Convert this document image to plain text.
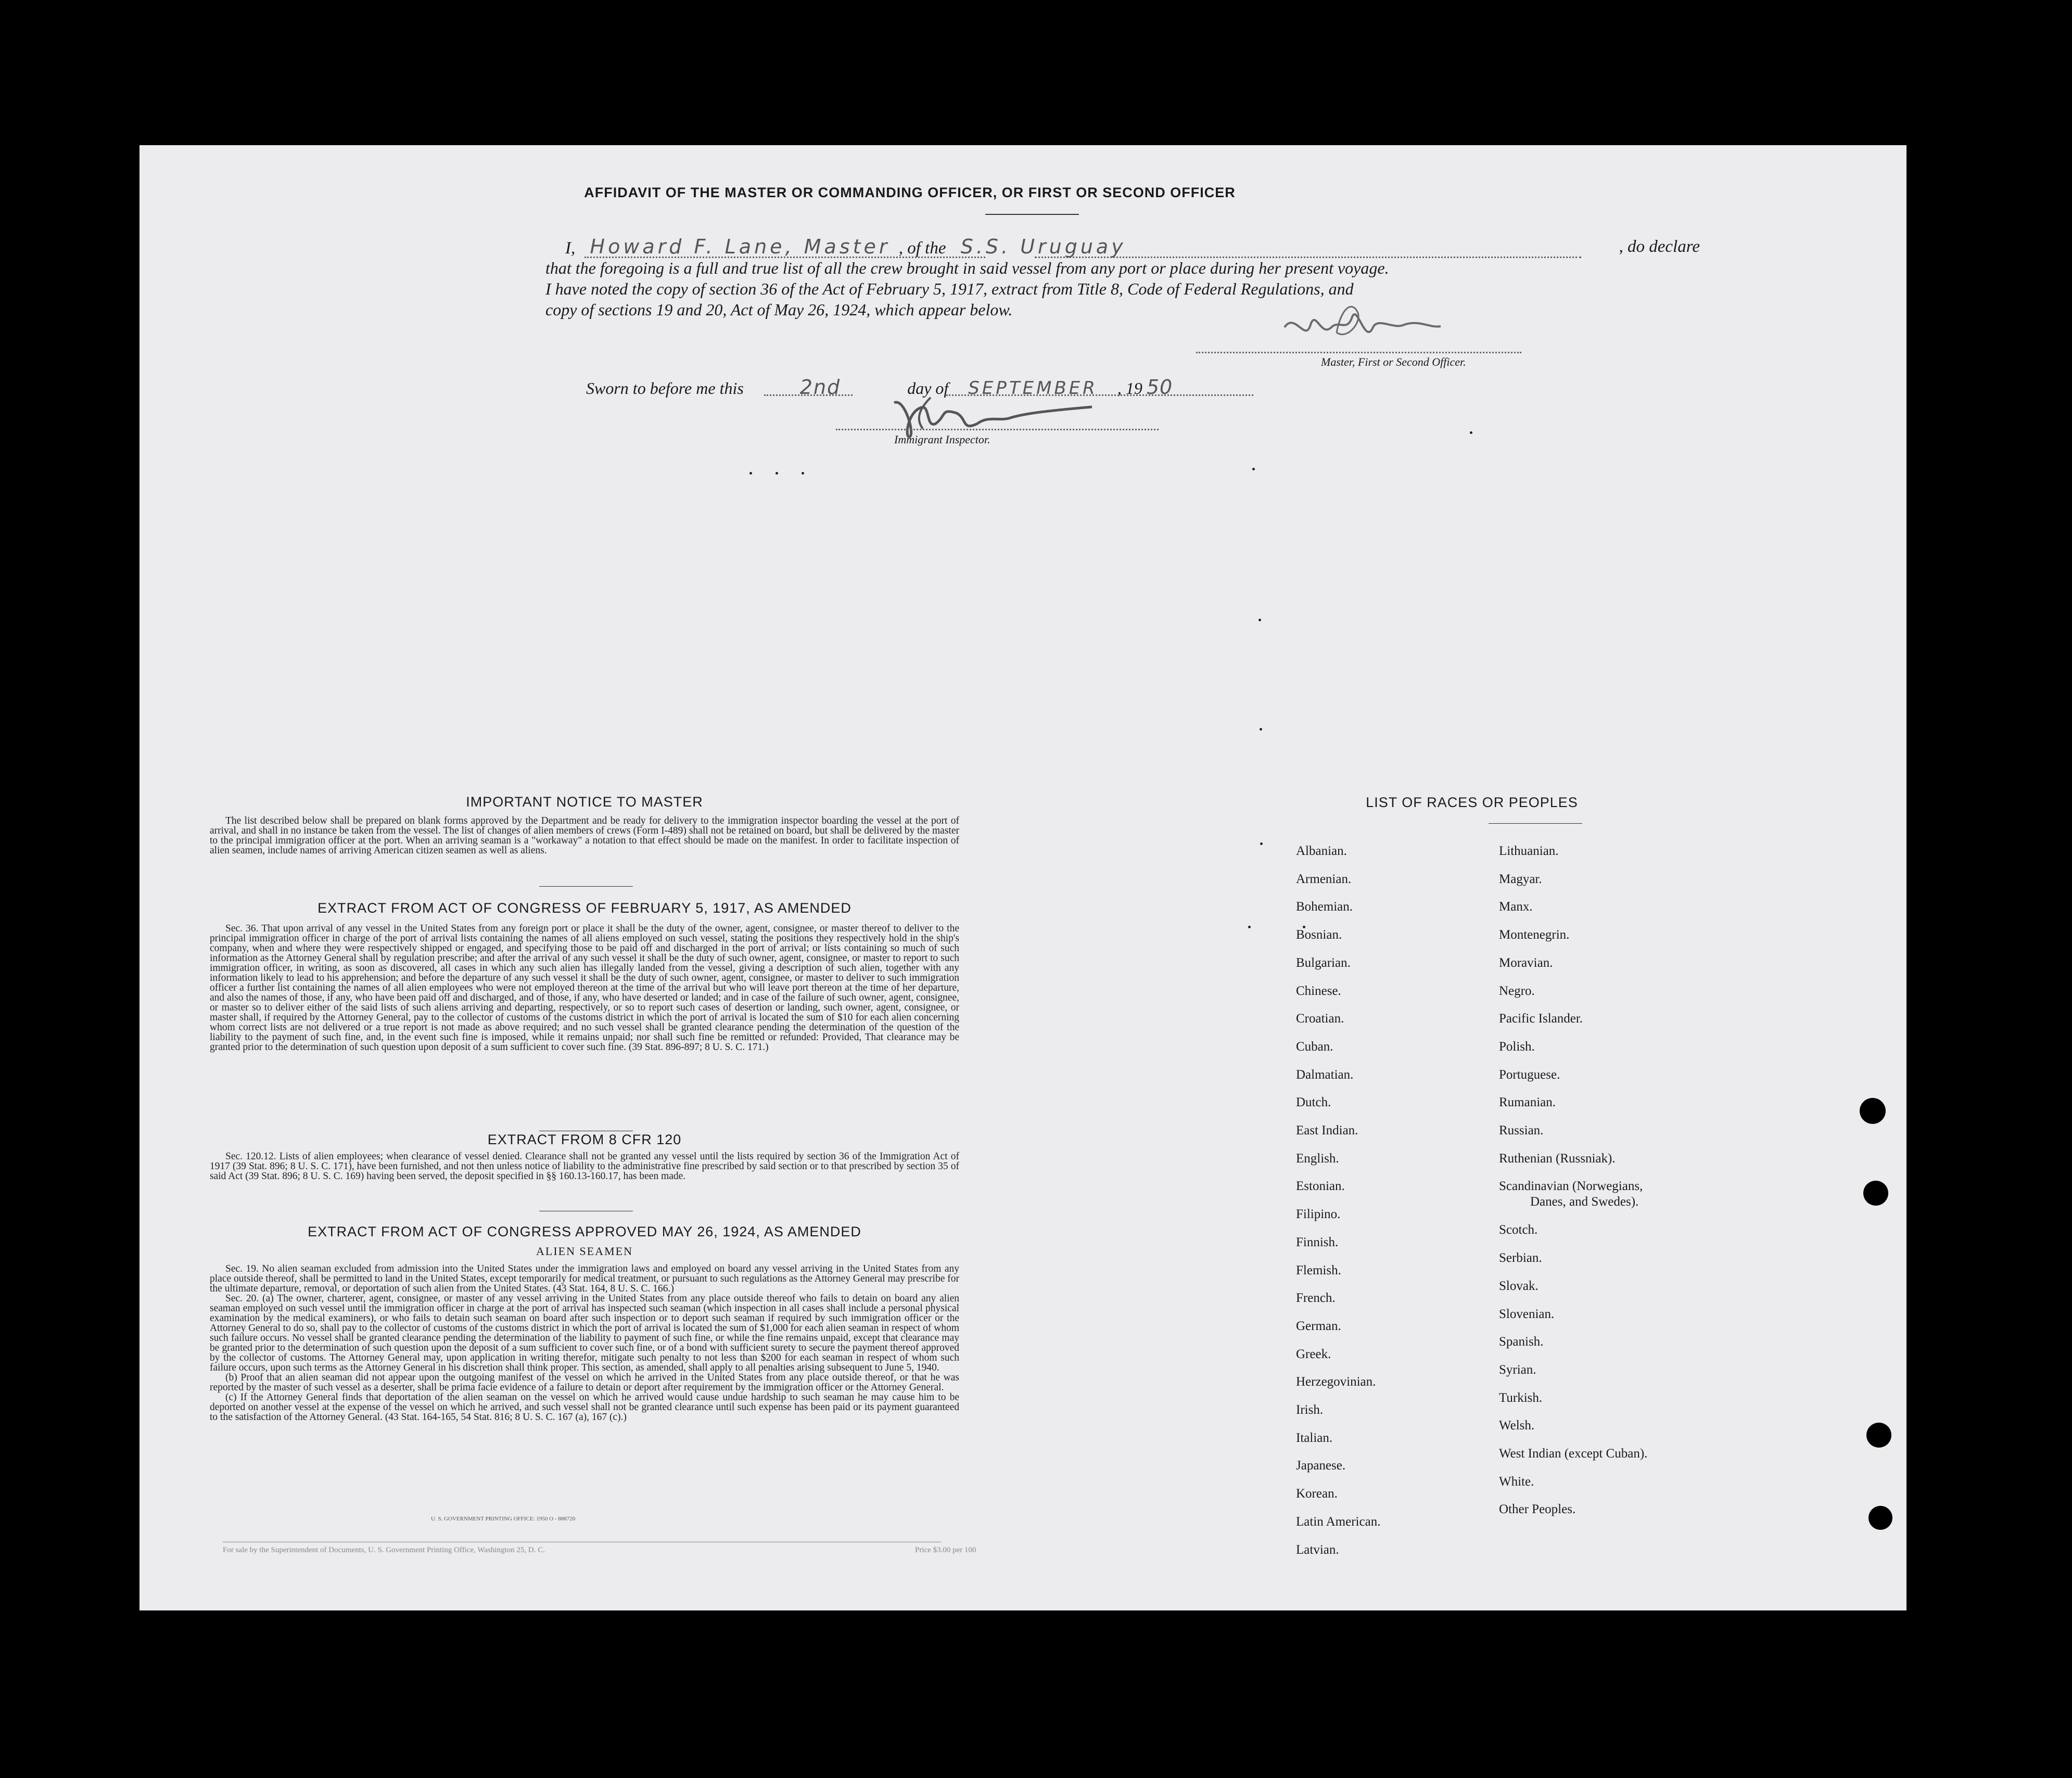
AFFIDAVIT OF THE MASTER OR COMMANDING OFFICER, OR FIRST OR SECOND OFFICER
I, Howard F. Lane, Master , of the S.S. Uruguay	, do declare
that the foregoing is a full and true list of all the crew brought in said vessel from any port or place during her present voyage.
I have noted the copy of section 36 of the Act of February 5, 1917, extract from Title 8, Code of Federal Regulations, and
copy of sections 19 and 20, Act of May 26, 1924, which appear below.
Master, First or Second Officer.
Sworn to before me this	2nd	day of SEPTEMBER , 19 50
Immigrant Inspector.
IMPORTANT NOTICE TO MASTER
The list described below shall be prepared on blank forms approved by the Department and be ready for delivery to the immigration inspector boarding the vessel at the port of arrival, and shall in no instance be taken from the vessel. The list of changes of alien members of crews (Form I-489) shall not be retained on board, but shall be delivered by the master to the principal immigration officer at the port. When an arriving seaman is a "workaway" a notation to that effect should be made on the manifest. In order to facilitate inspection of alien seamen, include names of arriving American citizen seamen as well as aliens.
EXTRACT FROM ACT OF CONGRESS OF FEBRUARY 5, 1917, AS AMENDED
Sec. 36. That upon arrival of any vessel in the United States from any foreign port or place it shall be the duty of the owner, agent, consignee, or master thereof to deliver to the principal immigration officer in charge of the port of arrival lists containing the names of all aliens employed on such vessel, stating the positions they respectively hold in the ship's company, when and where they were respectively shipped or engaged, and specifying those to be paid off and discharged in the port of arrival; or lists containing so much of such information as the Attorney General shall by regulation prescribe; and after the arrival of any such vessel it shall be the duty of such owner, agent, consignee, or master to report to such immigration officer, in writing, as soon as discovered, all cases in which any such alien has illegally landed from the vessel, giving a description of such alien, together with any information likely to lead to his apprehension; and before the departure of any such vessel it shall be the duty of such owner, agent, consignee, or master to deliver to such immigration officer a further list containing the names of all alien employees who were not employed thereon at the time of the arrival but who will leave port thereon at the time of her departure, and also the names of those, if any, who have been paid off and discharged, and of those, if any, who have deserted or landed; and in case of the failure of such owner, agent, consignee, or master so to deliver either of the said lists of such aliens arriving and departing, respectively, or so to report such cases of desertion or landing, such owner, agent, consignee, or master shall, if required by the Attorney General, pay to the collector of customs of the customs district in which the port of arrival is located the sum of $10 for each alien concerning whom correct lists are not delivered or a true report is not made as above required; and no such vessel shall be granted clearance pending the determination of the question of the liability to the payment of such fine, and, in the event such fine is imposed, while it remains unpaid; nor shall such fine be remitted or refunded: Provided, That clearance may be granted prior to the determination of such question upon deposit of a sum sufficient to cover such fine. (39 Stat. 896-897; 8 U. S. C. 171.)
EXTRACT FROM 8 CFR 120
Sec. 120.12. Lists of alien employees; when clearance of vessel denied. Clearance shall not be granted any vessel until the lists required by section 36 of the Immigration Act of 1917 (39 Stat. 896; 8 U. S. C. 171), have been furnished, and not then unless notice of liability to the administrative fine prescribed by said section or to that prescribed by section 35 of said Act (39 Stat. 896; 8 U. S. C. 169) having been served, the deposit specified in §§ 160.13-160.17, has been made.
EXTRACT FROM ACT OF CONGRESS APPROVED MAY 26, 1924, AS AMENDED
ALIEN SEAMEN

Sec. 19. No alien seaman excluded from admission into the United States under the immigration laws and employed on board any vessel arriving in the United States from any place outside thereof, shall be permitted to land in the United States, except temporarily for medical treatment, or pursuant to such regulations as the Attorney General may prescribe for the ultimate departure, removal, or deportation of such alien from the United States. (43 Stat. 164, 8 U. S. C. 166.)

Sec. 20. (a) The owner, charterer, agent, consignee, or master of any vessel arriving in the United States from any place outside thereof who fails to detain on board any alien seaman employed on such vessel until the immigration officer in charge at the port of arrival has inspected such seaman (which inspection in all cases shall include a personal physical examination by the medical examiners), or who fails to detain such seaman on board after such inspection or to deport such seaman if required by such immigration officer or the Attorney General to do so, shall pay to the collector of customs of the customs district in which the port of arrival is located the sum of $1,000 for each alien seaman in respect of whom such failure occurs. No vessel shall be granted clearance pending the determination of the liability to payment of such fine, or while the fine remains unpaid, except that clearance may be granted prior to the determination of such question upon the deposit of a sum sufficient to cover such fine, or of a bond with sufficient surety to secure the payment thereof approved by the collector of customs. The Attorney General may, upon application in writing therefor, mitigate such penalty to not less than $200 for each seaman in respect of whom such failure occurs, upon such terms as the Attorney General in his discretion shall think proper. This section, as amended, shall apply to all penalties arising subsequent to June 5, 1940.

(b) Proof that an alien seaman did not appear upon the outgoing manifest of the vessel on which he arrived in the United States from any place outside thereof, or that he was reported by the master of such vessel as a deserter, shall be prima facie evidence of a failure to detain or deport after requirement by the immigration officer or the Attorney General.

(c) If the Attorney General finds that deportation of the alien seaman on the vessel on which he arrived would cause undue hardship to such seaman he may cause him to be deported on another vessel at the expense of the vessel on which he arrived, and such vessel shall not be granted clearance until such expense has been paid or its payment guaranteed to the satisfaction of the Attorney General. (43 Stat. 164-165, 54 Stat. 816; 8 U. S. C. 167 (a), 167 (c).)

U. S. GOVERNMENT PRINTING OFFICE: 1950 O - 888720
For sale by the Superintendent of Documents, U. S. Government Printing Office, Washington 25, D. C.	Price $3.00 per 100
LIST OF RACES OR PEOPLES
Albanian.
Armenian.
Bohemian.
Bosnian.
Bulgarian.
Chinese.
Croatian.
Cuban.
Dalmatian.
Dutch.
East Indian.
English.
Estonian.
Filipino.
Finnish.
Flemish.
French.
German.
Greek.
Herzegovinian.
Irish.
Italian.
Japanese.
Korean.
Latin American.
Latvian.
Lithuanian.
Magyar.
Manx.
Montenegrin.
Moravian.
Negro.
Pacific Islander.
Polish.
Portuguese.
Rumanian.
Russian.
Ruthenian (Russniak).
Scandinavian (Norwegians,
Danes, and Swedes).
Scotch.
Serbian.
Slovak.
Slovenian.
Spanish.
Syrian.
Turkish.
Welsh.
West Indian (except Cuban).
White.
Other Peoples.
